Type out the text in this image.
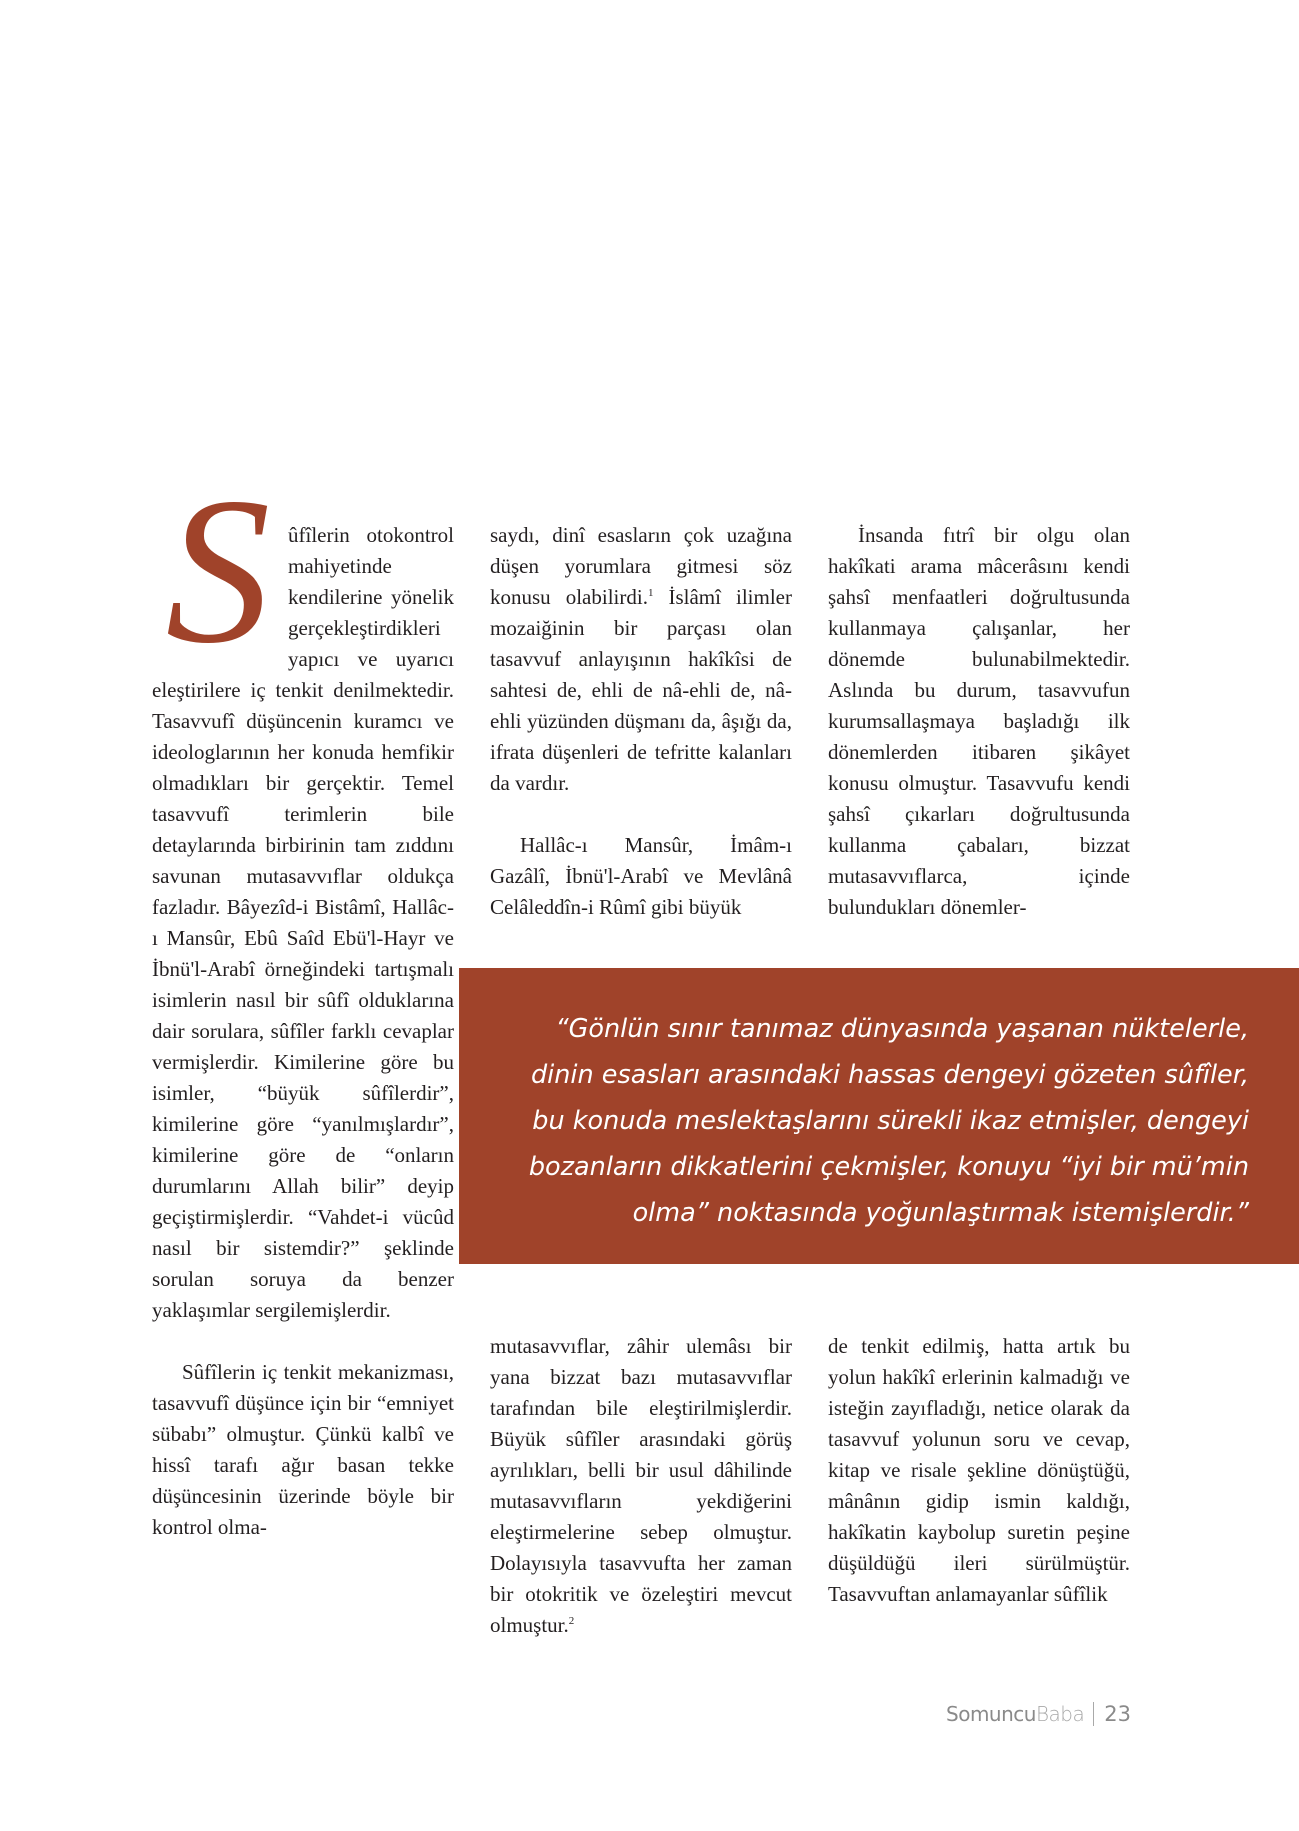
S ûfîlerin otokontrol mahiyetinde kendilerine yönelik gerçekleştirdikleri yapıcı ve uyarıcı eleştirilere iç tenkit denilmektedir. Tasavvufî düşüncenin kuramcı ve ideologlarının her konuda hemfikir olmadıkları bir gerçektir. Temel tasavvufî terimlerin bile detaylarında birbirinin tam zıddını savunan mutasavvıflar oldukça fazladır. Bâyezîd-i Bistâmî, Hallâc-ı Mansûr, Ebû Saîd Ebü'l-Hayr ve İbnü'l-Arabî örneğindeki tartışmalı isimlerin nasıl bir sûfî olduklarına dair sorulara, sûfîler farklı cevaplar vermişlerdir. Kimilerine göre bu isimler, “büyük sûfîlerdir”, kimilerine göre “yanılmışlardır”, kimilerine göre de “onların durumlarını Allah bilir” deyip geçiştirmişlerdir. “Vahdet-i vücûd nasıl bir sistemdir?” şeklinde sorulan soruya da benzer yaklaşımlar sergilemişlerdir.

Sûfîlerin iç tenkit mekanizması, tasavvufî düşünce için bir “emniyet sübabı” olmuştur. Çünkü kalbî ve hissî tarafı ağır basan tekke düşüncesinin üzerinde böyle bir kontrol olma-

saydı, dinî esasların çok uzağına düşen yorumlara gitmesi söz konusu olabilirdi.$^1$ İslâmî ilimler mozaiğinin bir parçası olan tasavvuf anlayışının hakîkîsi de sahtesi de, ehli de nâ-ehli de, nâ-ehli yüzünden düşmanı da, âşığı da, ifrata düşenleri de tefritte kalanları da vardır.

Hallâc-ı Mansûr, İmâm-ı Gazâlî, İbnü'l-Arabî ve Mevlânâ Celâleddîn-i Rûmî gibi büyük

İnsanda fıtrî bir olgu olan hakîkati arama mâcerâsını kendi şahsî menfaatleri doğrultusunda kullanmaya çalışanlar, her dönemde bulunabilmektedir. Aslında bu durum, tasavvufun kurumsallaşmaya başladığı ilk dönemlerden itibaren şikâyet konusu olmuştur. Tasavvufu kendi şahsî çıkarları doğrultusunda kullanma çabaları, bizzat mutasavvıflarca, içinde bulundukları dönemler-

“Gönlün sınır tanımaz dünyasında yaşanan nüktelerle, dinin esasları arasındaki hassas dengeyi gözeten sûfîler, bu konuda meslektaşlarını sürekli ikaz etmişler, dengeyi bozanların dikkatlerini çekmişler, konuyu “iyi bir mü’min olma” noktasında yoğunlaştırmak istemişlerdir.”

mutasavvıflar, zâhir ulemâsı bir yana bizzat bazı mutasavvıflar tarafından bile eleştirilmişlerdir. Büyük sûfîler arasındaki görüş ayrılıkları, belli bir usul dâhilinde mutasavvıfların yekdiğerini eleştirmelerine sebep olmuştur. Dolayısıyla tasavvufta her zaman bir otokritik ve özeleştiri mevcut olmuştur.$^2$

de tenkit edilmiş, hatta artık bu yolun hakîkî erlerinin kalmadığı ve isteğin zayıfladığı, netice olarak da tasavvuf yolunun soru ve cevap, kitap ve risale şekline dönüştüğü, mânânın gidip ismin kaldığı, hakîkatin kaybolup suretin peşine düşüldüğü ileri sürülmüştür. Tasavvuftan anlamayanlar sûfîlik

Somuncu Baba 23
